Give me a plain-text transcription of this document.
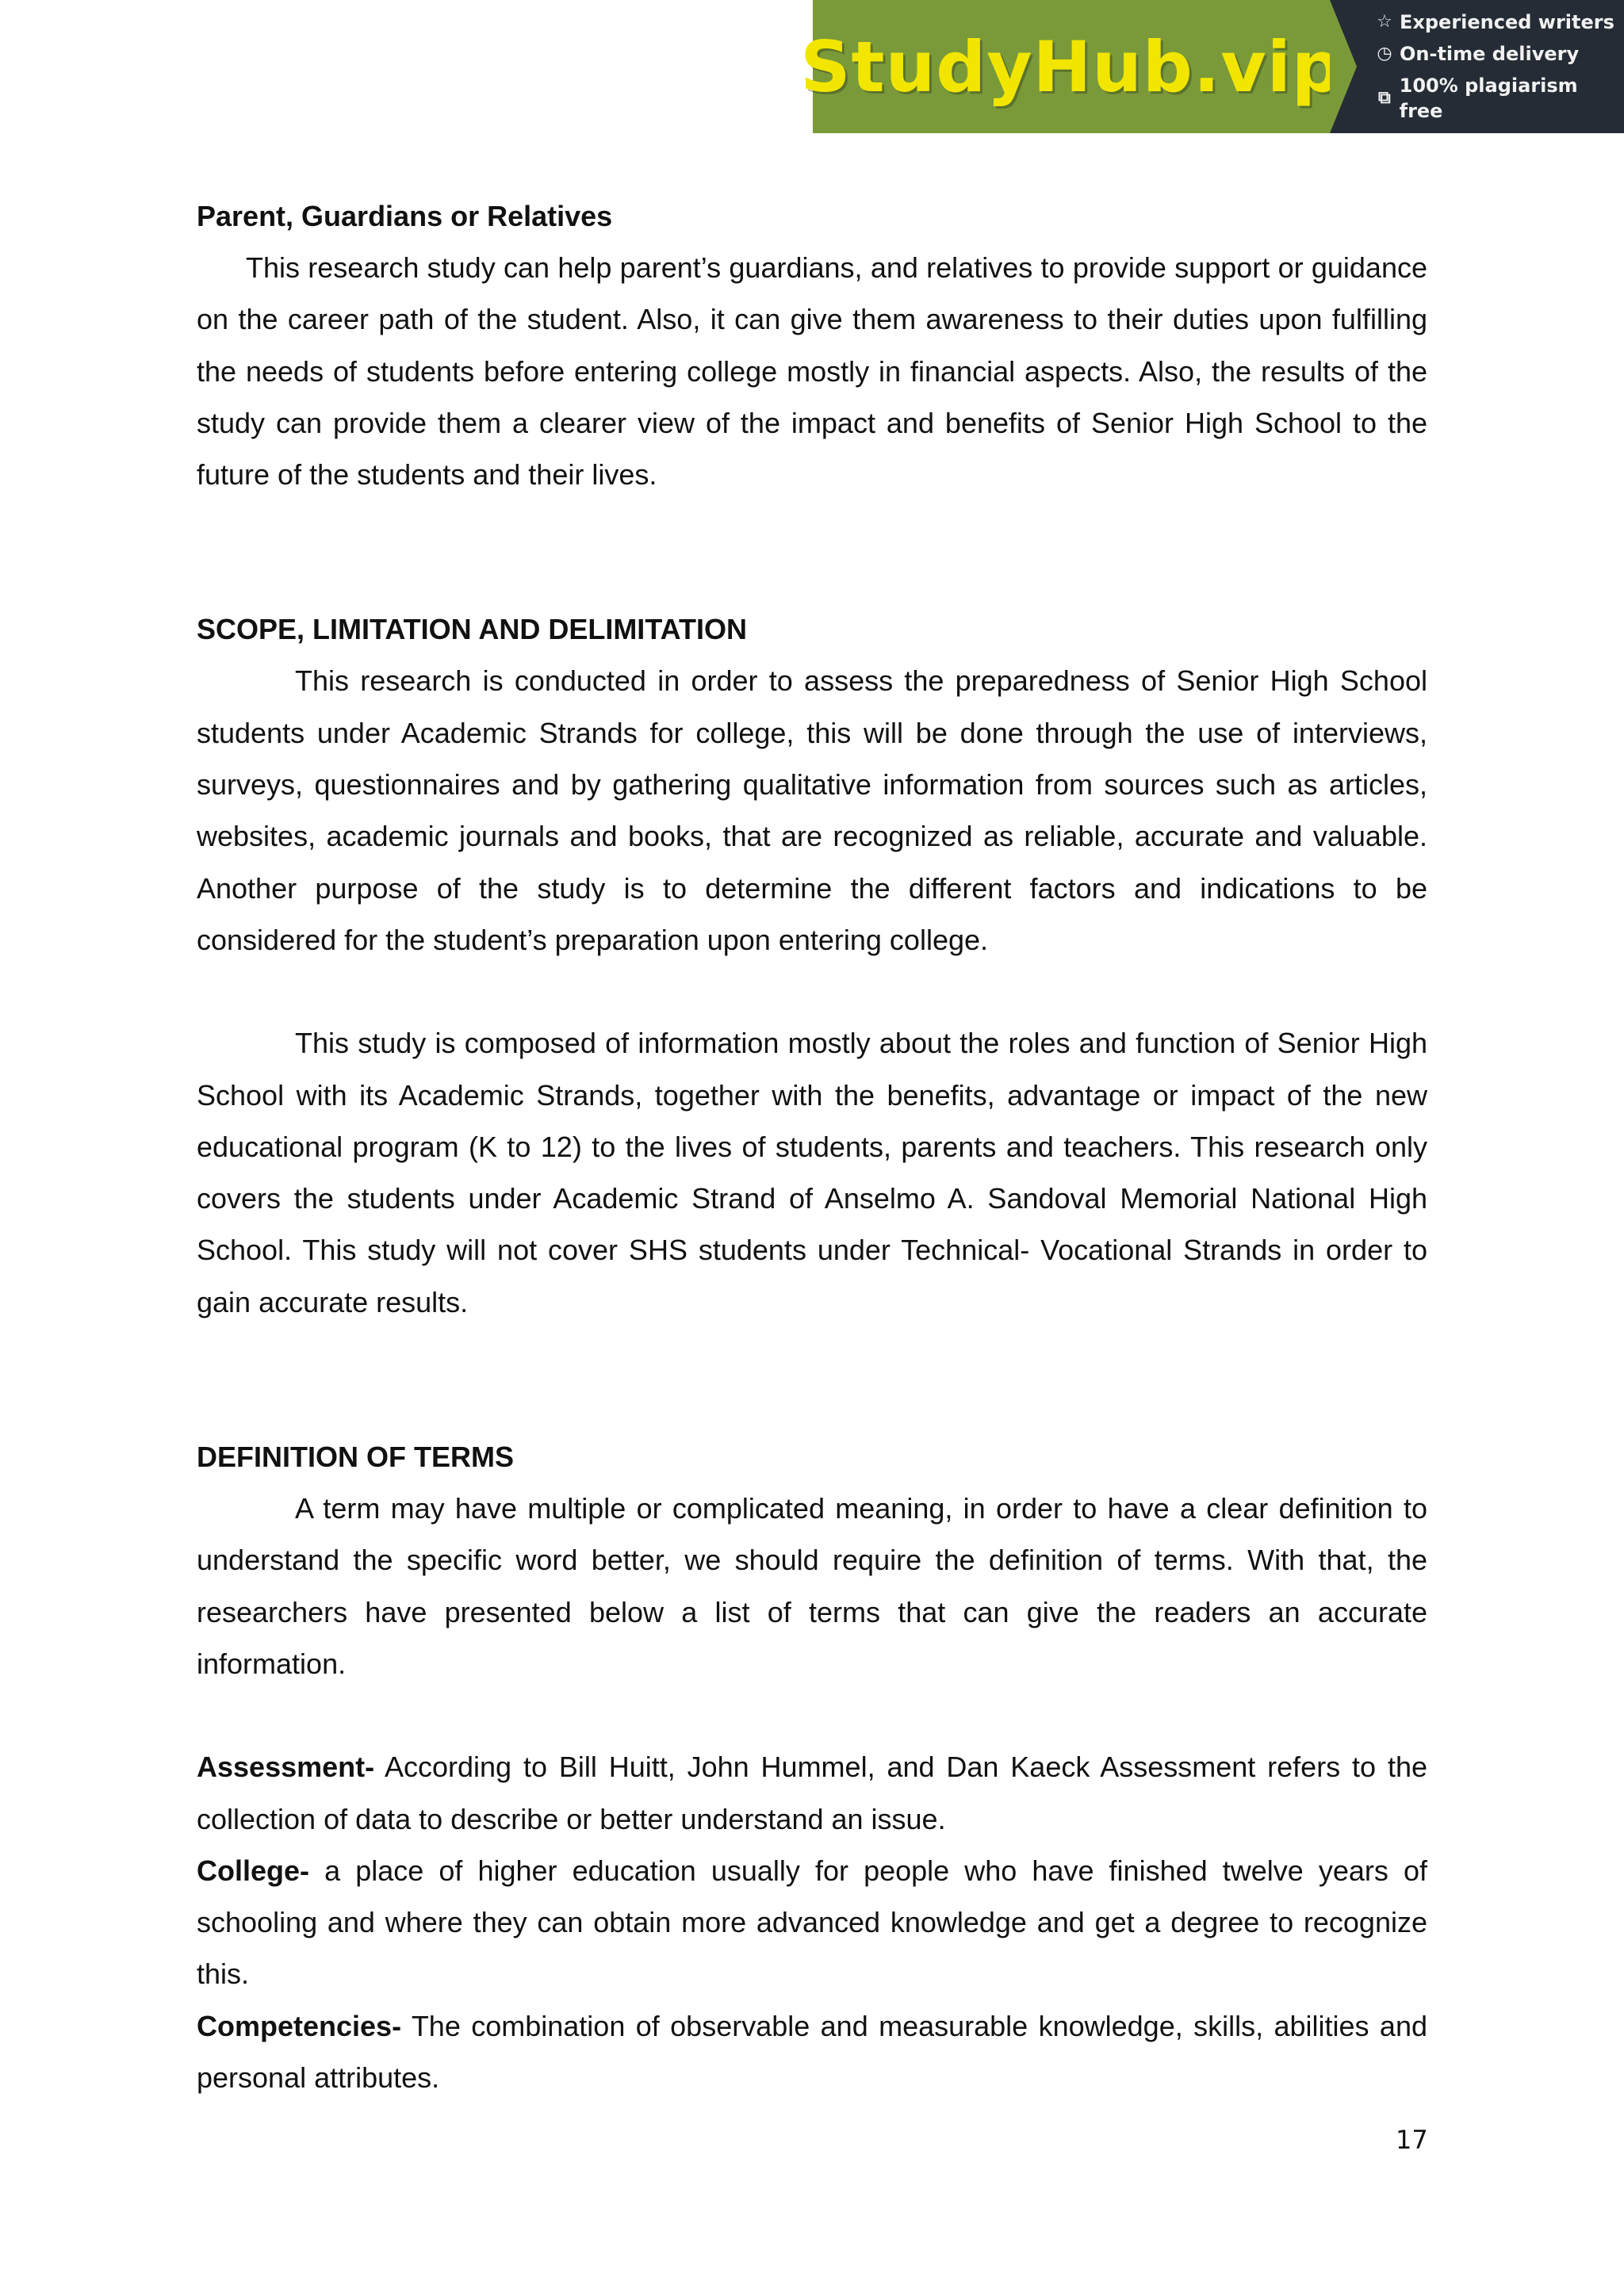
StudyHub.vip
☆ Experienced writers
◷ On-time delivery
⧉
100% plagiarism free

Parent, Guardians or Relatives

This research study can help parent’s guardians, and relatives to provide support or guidance on the career path of the student. Also, it can give them awareness to their duties upon fulfilling the needs of students before entering college mostly in financial aspects. Also, the results of the study can provide them a clearer view of the impact and benefits of Senior High School to the future of the students and their lives.

SCOPE, LIMITATION AND DELIMITATION

This research is conducted in order to assess the preparedness of Senior High School students under Academic Strands for college, this will be done through the use of interviews, surveys, questionnaires and by gathering qualitative information from sources such as articles, websites, academic journals and books, that are recognized as reliable, accurate and valuable. Another purpose of the study is to determine the different factors and indications to be considered for the student’s preparation upon entering college.

This study is composed of information mostly about the roles and function of Senior High School with its Academic Strands, together with the benefits, advantage or impact of the new educational program (K to 12) to the lives of students, parents and teachers. This research only covers the students under Academic Strand of Anselmo A. Sandoval Memorial National High School. This study will not cover SHS students under Technical- Vocational Strands in order to gain accurate results.

DEFINITION OF TERMS

A term may have multiple or complicated meaning, in order to have a clear definition to understand the specific word better, we should require the definition of terms. With that, the researchers have presented below a list of terms that can give the readers an accurate information.

Assessment- According to Bill Huitt, John Hummel, and Dan Kaeck Assessment refers to the collection of data to describe or better understand an issue.

College- a place of higher education usually for people who have finished twelve years of schooling and where they can obtain more advanced knowledge and get a degree to recognize this.

Competencies- The combination of observable and measurable knowledge, skills, abilities and personal attributes.

17
